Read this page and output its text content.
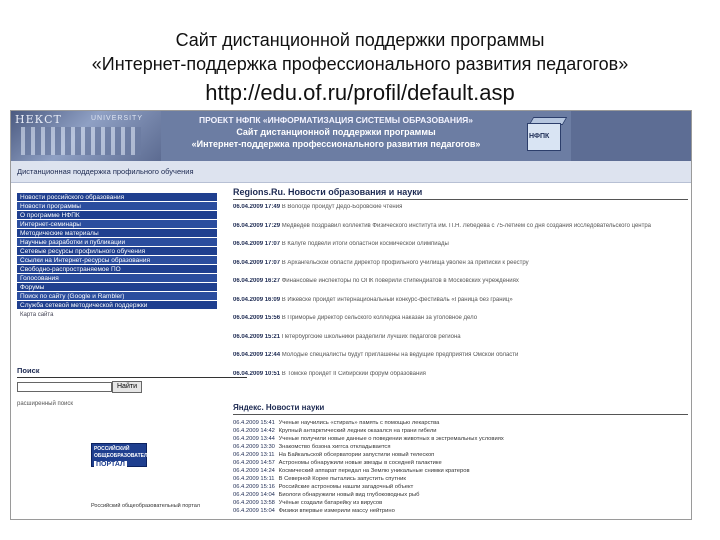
Сайт дистанционной поддержки программы
«Интернет-поддержка профессионального развития педагогов»
http://edu.of.ru/profil/default.asp
НЕКСТ	UNIVERSITY	ПРОЕКТ НФПК «ИНФОРМАТИЗАЦИЯ СИСТЕМЫ ОБРАЗОВАНИЯ»
Сайт дистанционной поддержки программы
«Интернет-поддержка профессионального развития педагогов»
НФПК
Дистанционная поддержка профильного обучения
Новости российского образования
Новости программы
О программе НФПК
Интернет-семинары
Методические материалы
Научные разработки и публикации
Сетевые ресурсы профильного обучения
Ссылки на Интернет-ресурсы образования
Свободно-распространяемое ПО
Голосования
Форумы
Поиск по сайту (Google и Rambler)
Служба сетевой методической поддержки
Карта сайта
Поиск
Найти
расширенный поиск
РОССИЙСКИЙ
ОБЩЕОБРАЗОВАТЕЛЬНЫЙ
ПОРТАЛ
Российский общеобразовательный портал
Regions.Ru. Новости образования и науки
06.04.2009 17:49 В Вологде пройдут Дедо-Боровские чтения
06.04.2009 17:29 Медведев поздравил коллектив Физического института им. П.Н. Лебедева с 75-летием со дня создания исследовательского центра
06.04.2009 17:07 В Калуге подвели итоги областной космической олимпиады
06.04.2009 17:07 В Архангельской области директор профильного училища уволен за приписки к реестру
06.04.2009 16:27 Финансовые инспекторы по ОПК поверили стипендиатов в Московских учреждениях
06.04.2009 16:09 В Ижевске пройдет интернациональный конкурс-фестиваль «Граница без границ»
06.04.2009 15:56 В Приморье директор сельского колледжа наказан за уголовное дело
06.04.2009 15:21 Петербургские школьники разделили лучших педагогов региона
06.04.2009 12:44 Молодые специалисты будут приглашены на ведущие предприятия Омской области
06.04.2009 10:51 В Томске пройдет II Сибирский форум образования
Яндекс. Новости науки
06.4.2009 15:41 Ученые научились «стирать» память с помощью лекарства
06.4.2009 14:42 Крупный антарктический ледник оказался на грани гибели
06.4.2009 13:44 Ученые получили новые данные о поведении животных в экстремальных условиях
06.4.2009 13:30 Знакомство бозона хиггса откладывается
06.4.2009 13:11 На Байкальской обсерватории запустили новый телескоп
06.4.2009 14:57 Астрономы обнаружили новые звезды в соседней галактике
06.4.2009 14:24 Космический аппарат передал на Землю уникальные снимки кратеров
06.4.2009 15:11 В Северной Корее пытались запустить спутник
06.4.2009 15:16 Российские астрономы нашли загадочный объект
06.4.2009 14:04 Биологи обнаружили новый вид глубоководных рыб
06.4.2009 13:58 Учёные создали батарейку из вирусов
06.4.2009 15:04 Физики впервые измерили массу нейтрино
